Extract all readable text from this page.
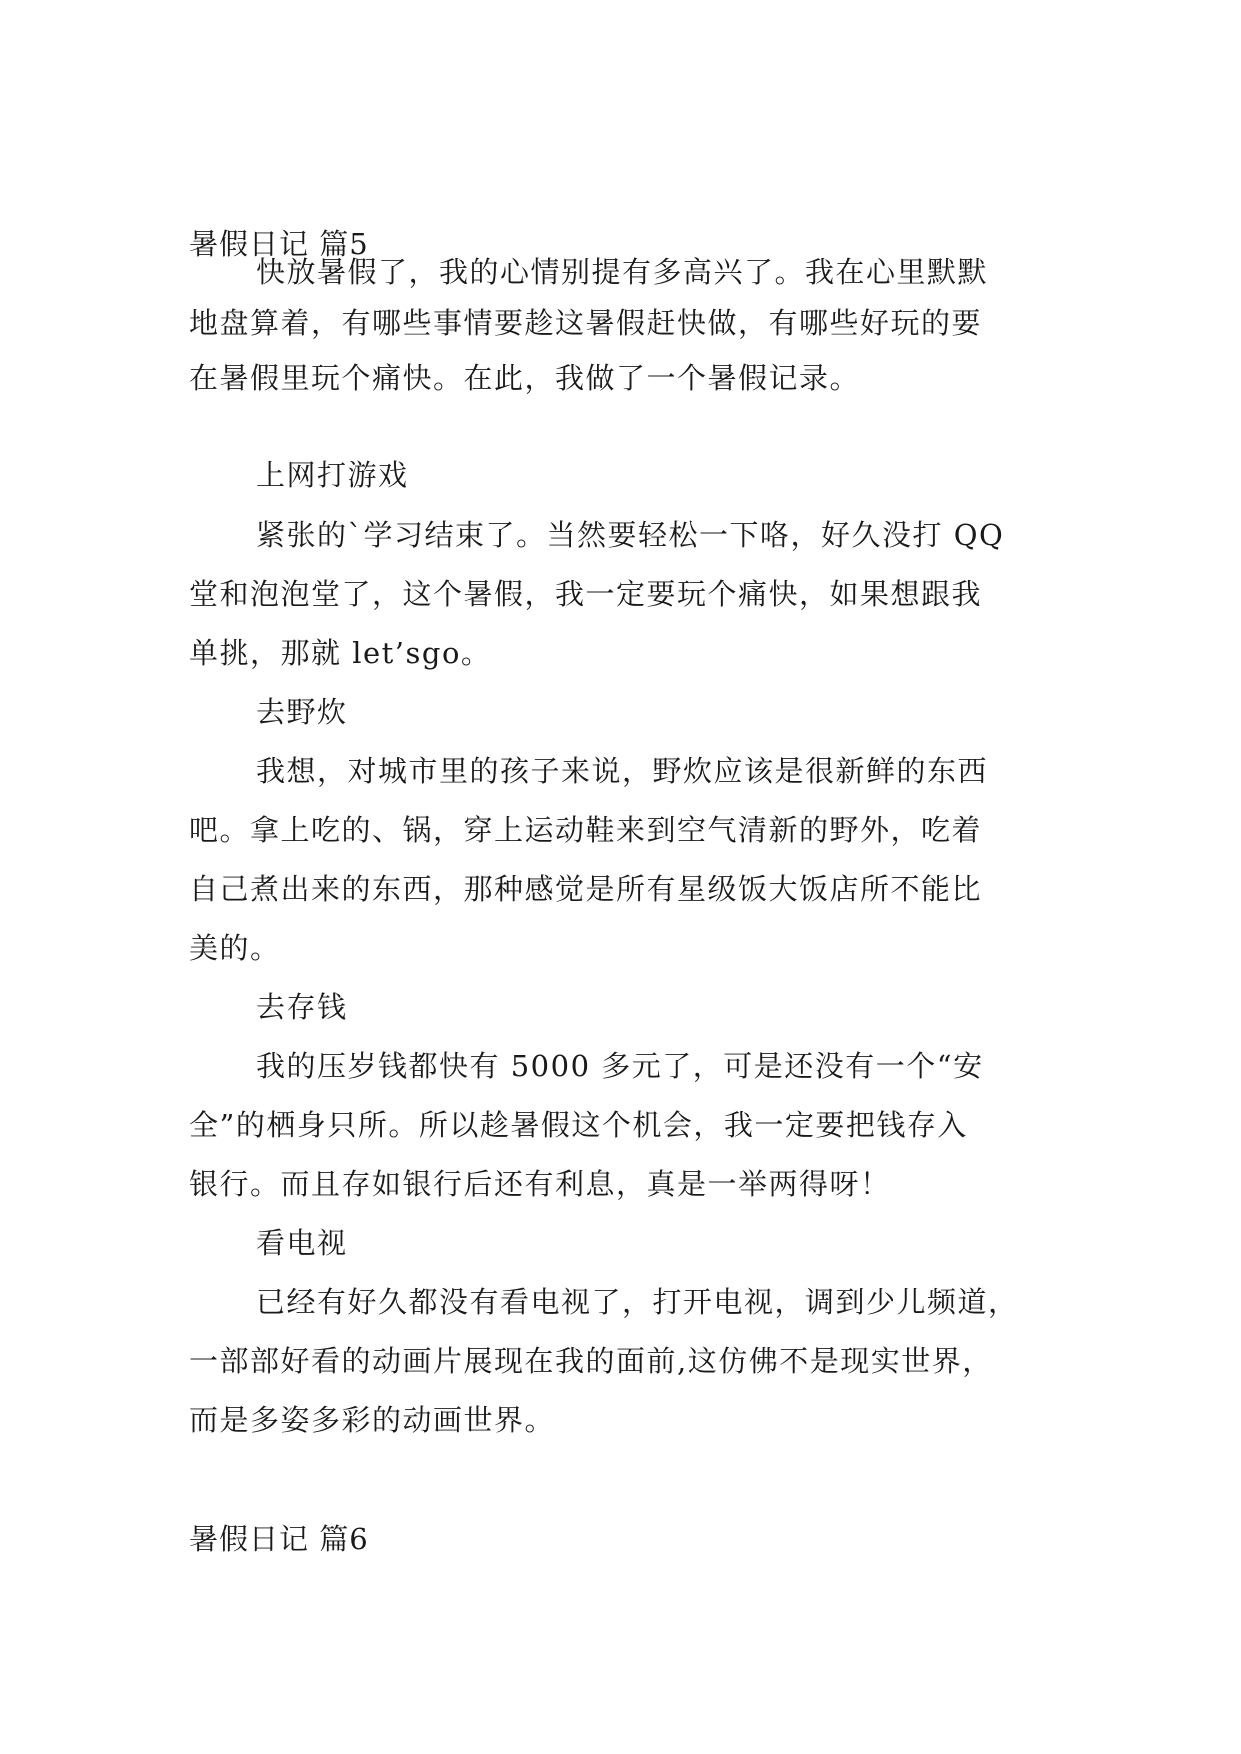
暑假日记 篇5
快放暑假了，我的心情别提有多高兴了。我在心里默默
地盘算着，有哪些事情要趁这暑假赶快做，有哪些好玩的要
在暑假里玩个痛快。在此，我做了一个暑假记录。
上网打游戏
紧张的`学习结束了。当然要轻松一下咯，好久没打 QQ
堂和泡泡堂了，这个暑假，我一定要玩个痛快，如果想跟我
单挑，那就 let’sgo。
去野炊
我想，对城市里的孩子来说，野炊应该是很新鲜的东西
吧。拿上吃的、锅，穿上运动鞋来到空气清新的野外，吃着
自己煮出来的东西，那种感觉是所有星级饭大饭店所不能比
美的。
去存钱
我的压岁钱都快有 5000 多元了，可是还没有一个“安
全”的栖身只所。所以趁暑假这个机会，我一定要把钱存入
银行。而且存如银行后还有利息，真是一举两得呀！
看电视
已经有好久都没有看电视了，打开电视，调到少儿频道，
一部部好看的动画片展现在我的面前,这仿佛不是现实世界，
而是多姿多彩的动画世界。
暑假日记 篇6
